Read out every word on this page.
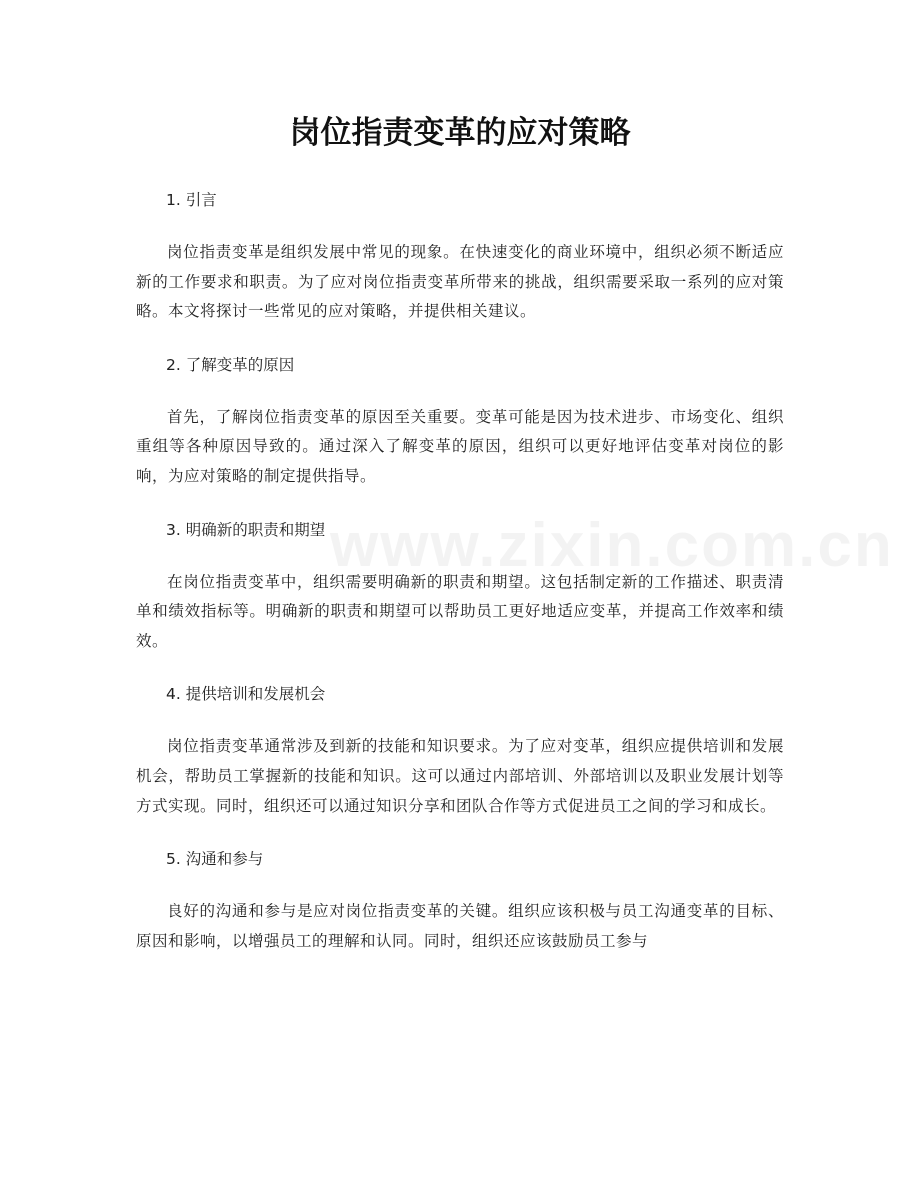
岗位指责变革的应对策略

1. 引言

岗位指责变革是组织发展中常见的现象。在快速变化的商业环境中，组织必须不断适应新的工作要求和职责。为了应对岗位指责变革所带来的挑战，组织需要采取一系列的应对策略。本文将探讨一些常见的应对策略，并提供相关建议。

2. 了解变革的原因

首先，了解岗位指责变革的原因至关重要。变革可能是因为技术进步、市场变化、组织重组等各种原因导致的。通过深入了解变革的原因，组织可以更好地评估变革对岗位的影响，为应对策略的制定提供指导。

3. 明确新的职责和期望

在岗位指责变革中，组织需要明确新的职责和期望。这包括制定新的工作描述、职责清单和绩效指标等。明确新的职责和期望可以帮助员工更好地适应变革，并提高工作效率和绩效。

4. 提供培训和发展机会

岗位指责变革通常涉及到新的技能和知识要求。为了应对变革，组织应提供培训和发展机会，帮助员工掌握新的技能和知识。这可以通过内部培训、外部培训以及职业发展计划等方式实现。同时，组织还可以通过知识分享和团队合作等方式促进员工之间的学习和成长。

5. 沟通和参与

良好的沟通和参与是应对岗位指责变革的关键。组织应该积极与员工沟通变革的目标、原因和影响，以增强员工的理解和认同。同时，组织还应该鼓励员工参与
